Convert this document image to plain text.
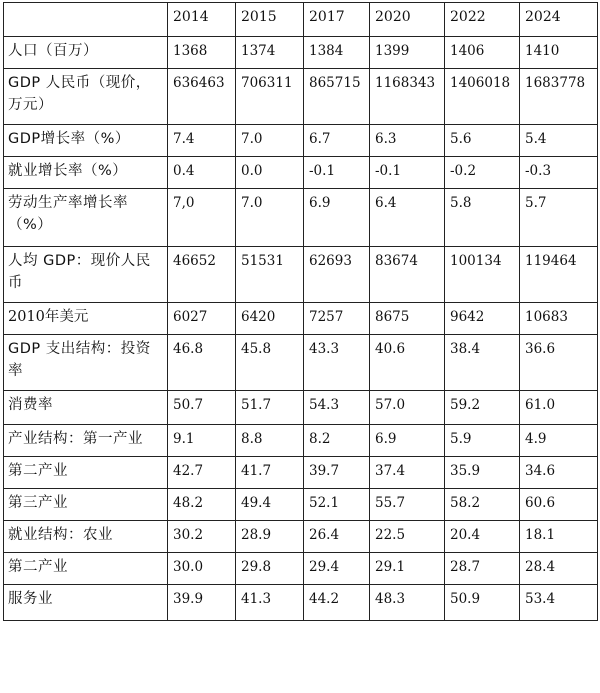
	2014	2015	2017	2020	2022	2024
人口（百万）	1368	1374	1384	1399	1406	1410
GDP 人民币（现价，万元）	636463	706311	865715	1168343	1406018	1683778
GDP增长率（%）	7.4	7.0	6.7	6.3	5.6	5.4
就业增长率（%）	0.4	0.0	-0.1	-0.1	-0.2	-0.3
劳动生产率增长率（%）	7,0	7.0	6.9	6.4	5.8	5.7
人均 GDP：现价人民币	46652	51531	62693	83674	100134	119464
2010年美元	6027	6420	7257	8675	9642	10683
GDP 支出结构：投资率	46.8	45.8	43.3	40.6	38.4	36.6
消费率	50.7	51.7	54.3	57.0	59.2	61.0
产业结构：第一产业	9.1	8.8	8.2	6.9	5.9	4.9
第二产业	42.7	41.7	39.7	37.4	35.9	34.6
第三产业	48.2	49.4	52.1	55.7	58.2	60.6
就业结构：农业	30.2	28.9	26.4	22.5	20.4	18.1
第二产业	30.0	29.8	29.4	29.1	28.7	28.4
服务业	39.9	41.3	44.2	48.3	50.9	53.4
